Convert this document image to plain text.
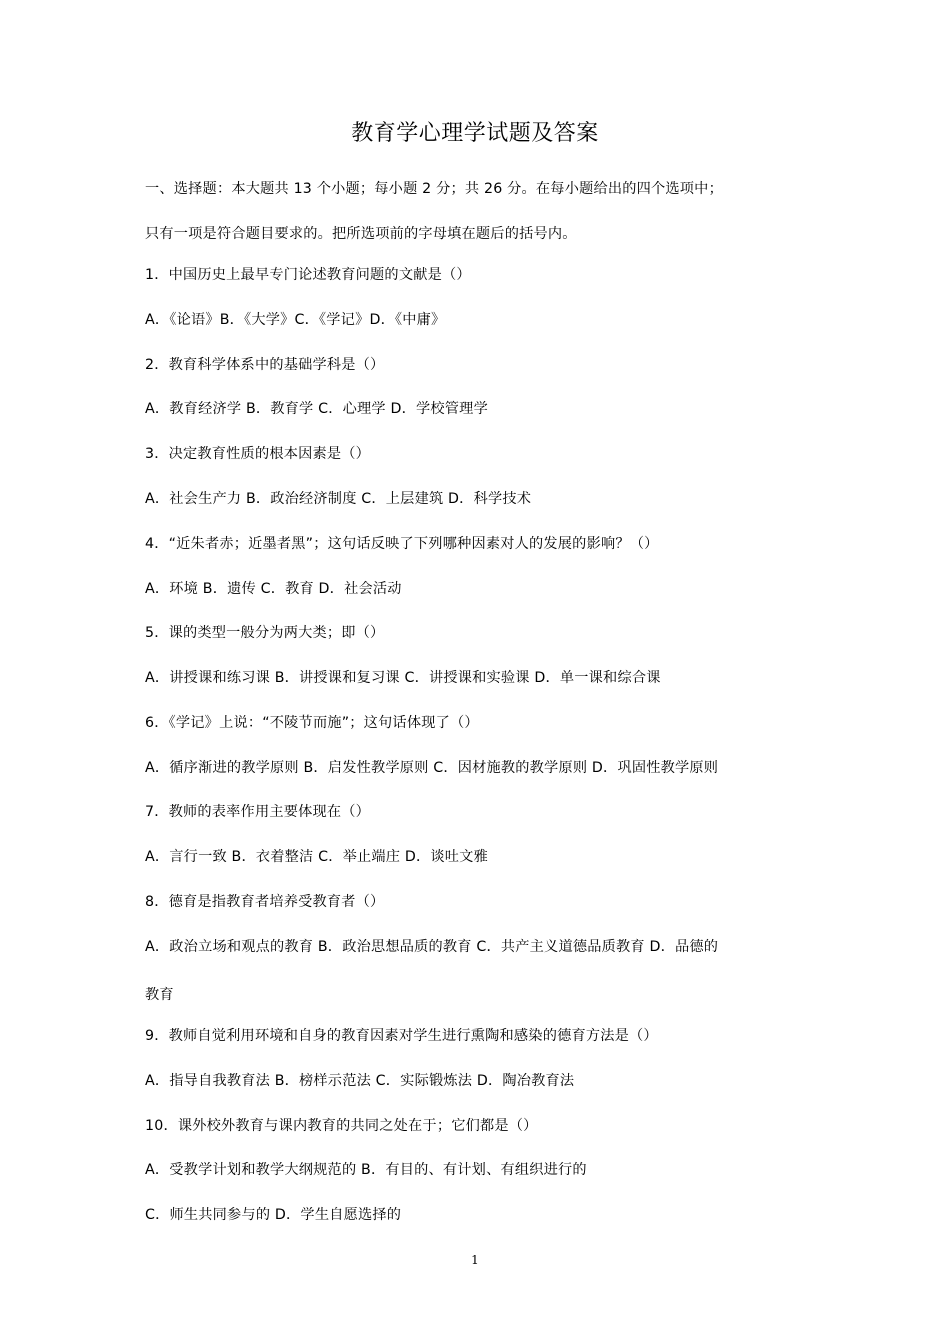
教育学心理学试题及答案
一、选择题：本大题共 13 个小题；每小题 2 分；共 26 分。在每小题给出的四个选项中；
只有一项是符合题目要求的。把所选项前的字母填在题后的括号内。
1．中国历史上最早专门论述教育问题的文献是（）
A．《论语》B．《大学》C．《学记》D．《中庸》
2．教育科学体系中的基础学科是（）
A．教育经济学 B．教育学 C．心理学 D．学校管理学
3．决定教育性质的根本因素是（）
A．社会生产力 B．政治经济制度 C．上层建筑 D．科学技术
4．“近朱者赤；近墨者黑”；这句话反映了下列哪种因素对人的发展的影响？（）
A．环境 B．遗传 C．教育 D．社会活动
5．课的类型一般分为两大类；即（）
A．讲授课和练习课 B．讲授课和复习课 C．讲授课和实验课 D．单一课和综合课
6．《学记》上说：“不陵节而施”；这句话体现了（）
A．循序渐进的教学原则 B．启发性教学原则 C．因材施教的教学原则 D．巩固性教学原则
7．教师的表率作用主要体现在（）
A．言行一致 B．衣着整洁 C．举止端庄 D．谈吐文雅
8．德育是指教育者培养受教育者（）
A．政治立场和观点的教育 B．政治思想品质的教育 C．共产主义道德品质教育 D．品德的
教育
9．教师自觉利用环境和自身的教育因素对学生进行熏陶和感染的德育方法是（）
A．指导自我教育法 B．榜样示范法 C．实际锻炼法 D．陶冶教育法
10．课外校外教育与课内教育的共同之处在于；它们都是（）
A．受教学计划和教学大纲规范的 B．有目的、有计划、有组织进行的
C．师生共同参与的 D．学生自愿选择的
1
